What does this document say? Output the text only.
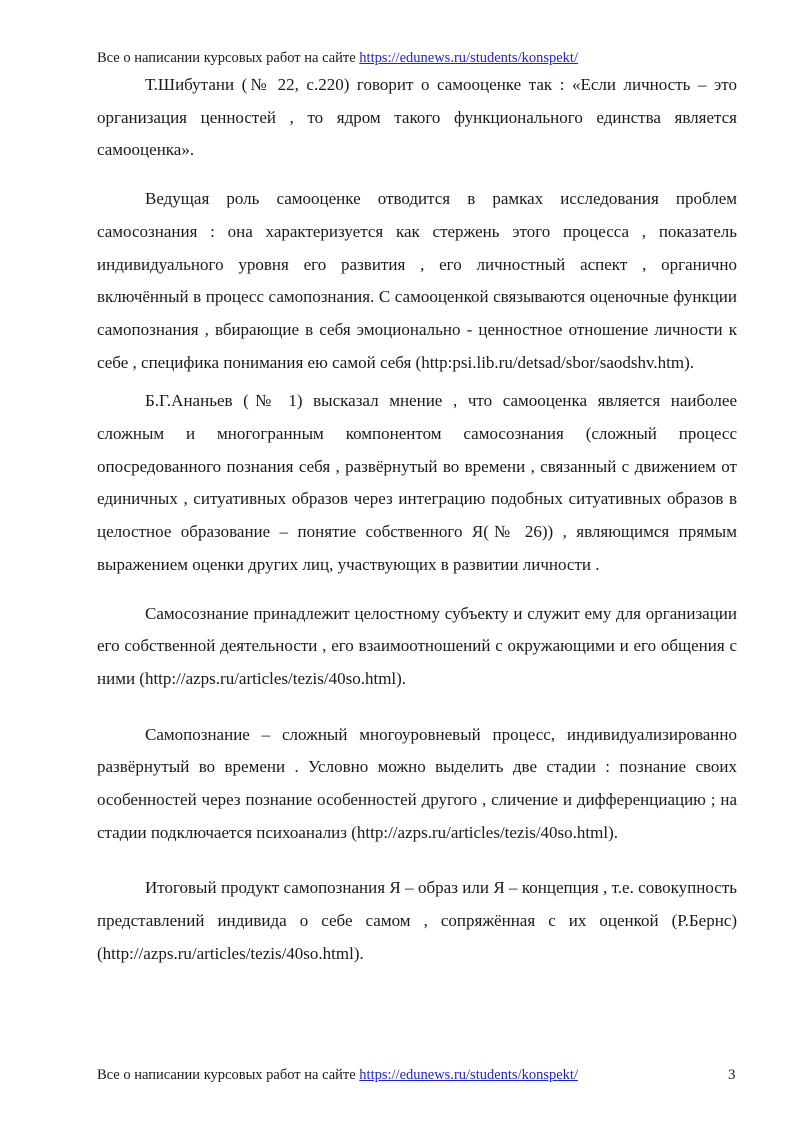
Все о написании курсовых работ на сайте https://edunews.ru/students/konspekt/

Т.Шибутани (№ 22, с.220) говорит о самооценке так : «Если личность – это организация ценностей , то ядром такого функционального единства является самооценка».

Ведущая роль самооценке отводится в рамках исследования проблем самосознания : она характеризуется как стержень этого процесса , показатель индивидуального уровня его развития , его личностный аспект , органично включённый в процесс самопознания. С самооценкой связываются оценочные функции самопознания , вбирающие в себя эмоционально - ценностное отношение личности к себе , специфика понимания ею самой себя (http:psi.lib.ru/detsad/sbor/saodshv.htm).

Б.Г.Ананьев (№ 1) высказал мнение , что самооценка является наиболее сложным и многогранным компонентом самосознания (сложный процесс опосредованного познания себя , развёрнутый во времени , связанный с движением от единичных , ситуативных образов через интеграцию подобных ситуативных образов в целостное образование – понятие собственного Я(№ 26)) , являющимся прямым выражением оценки других лиц, участвующих в развитии личности .

Самосознание принадлежит целостному субъекту и служит ему для организации его собственной деятельности , его взаимоотношений с окружающими и его общения с ними (http://azps.ru/articles/tezis/40so.html).

Самопознание – сложный многоуровневый процесс, индивидуализированно развёрнутый во времени . Условно можно выделить две стадии : познание своих особенностей через познание особенностей другого , сличение и дифференциацию ; на стадии подключается психоанализ (http://azps.ru/articles/tezis/40so.html).

Итоговый продукт самопознания Я – образ или Я – концепция , т.е. совокупность представлений индивида о себе самом , сопряжённая с их оценкой (Р.Бернс) (http://azps.ru/articles/tezis/40so.html).

Все о написании курсовых работ на сайте https://edunews.ru/students/konspekt/	3
